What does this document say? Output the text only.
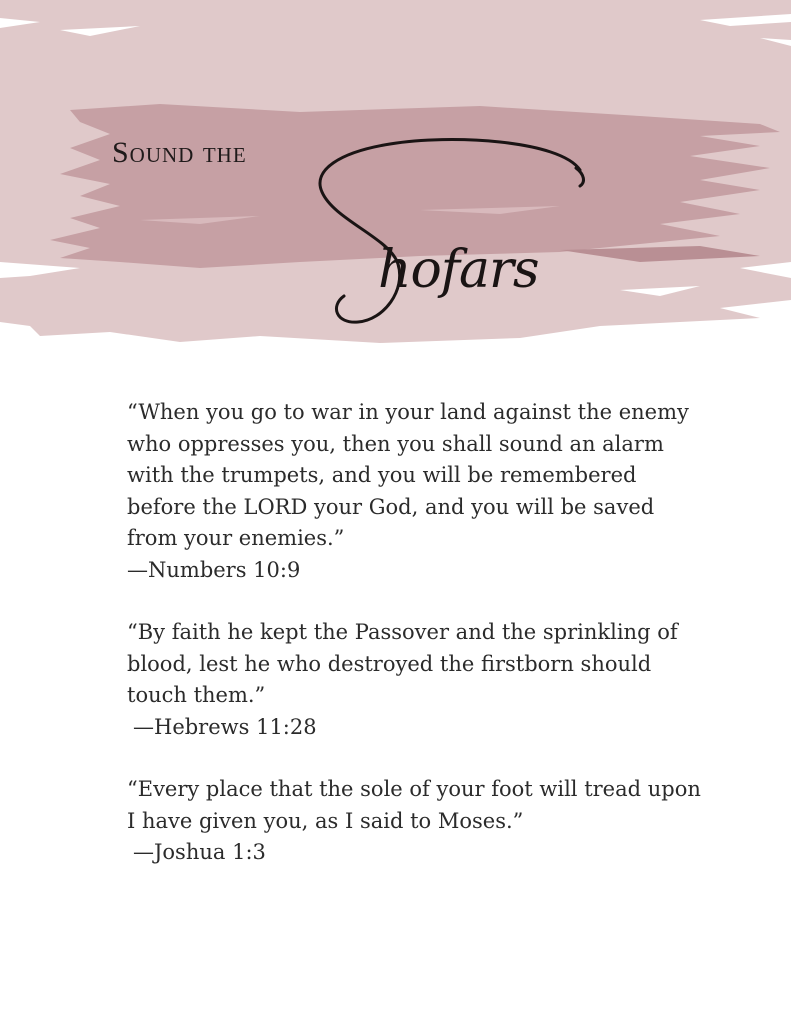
Sound the
hofars

“When you go to war in your land against the enemy who oppresses you, then you shall sound an alarm with the trumpets, and you will be remembered before the LORD your God, and you will be saved from your enemies.”

—Numbers 10:9

“By faith he kept the Passover and the sprinkling of blood, lest he who destroyed the firstborn should touch them.”

—Hebrews 11:28

“Every place that the sole of your foot will tread upon I have given you, as I said to Moses.”

—Joshua 1:3
